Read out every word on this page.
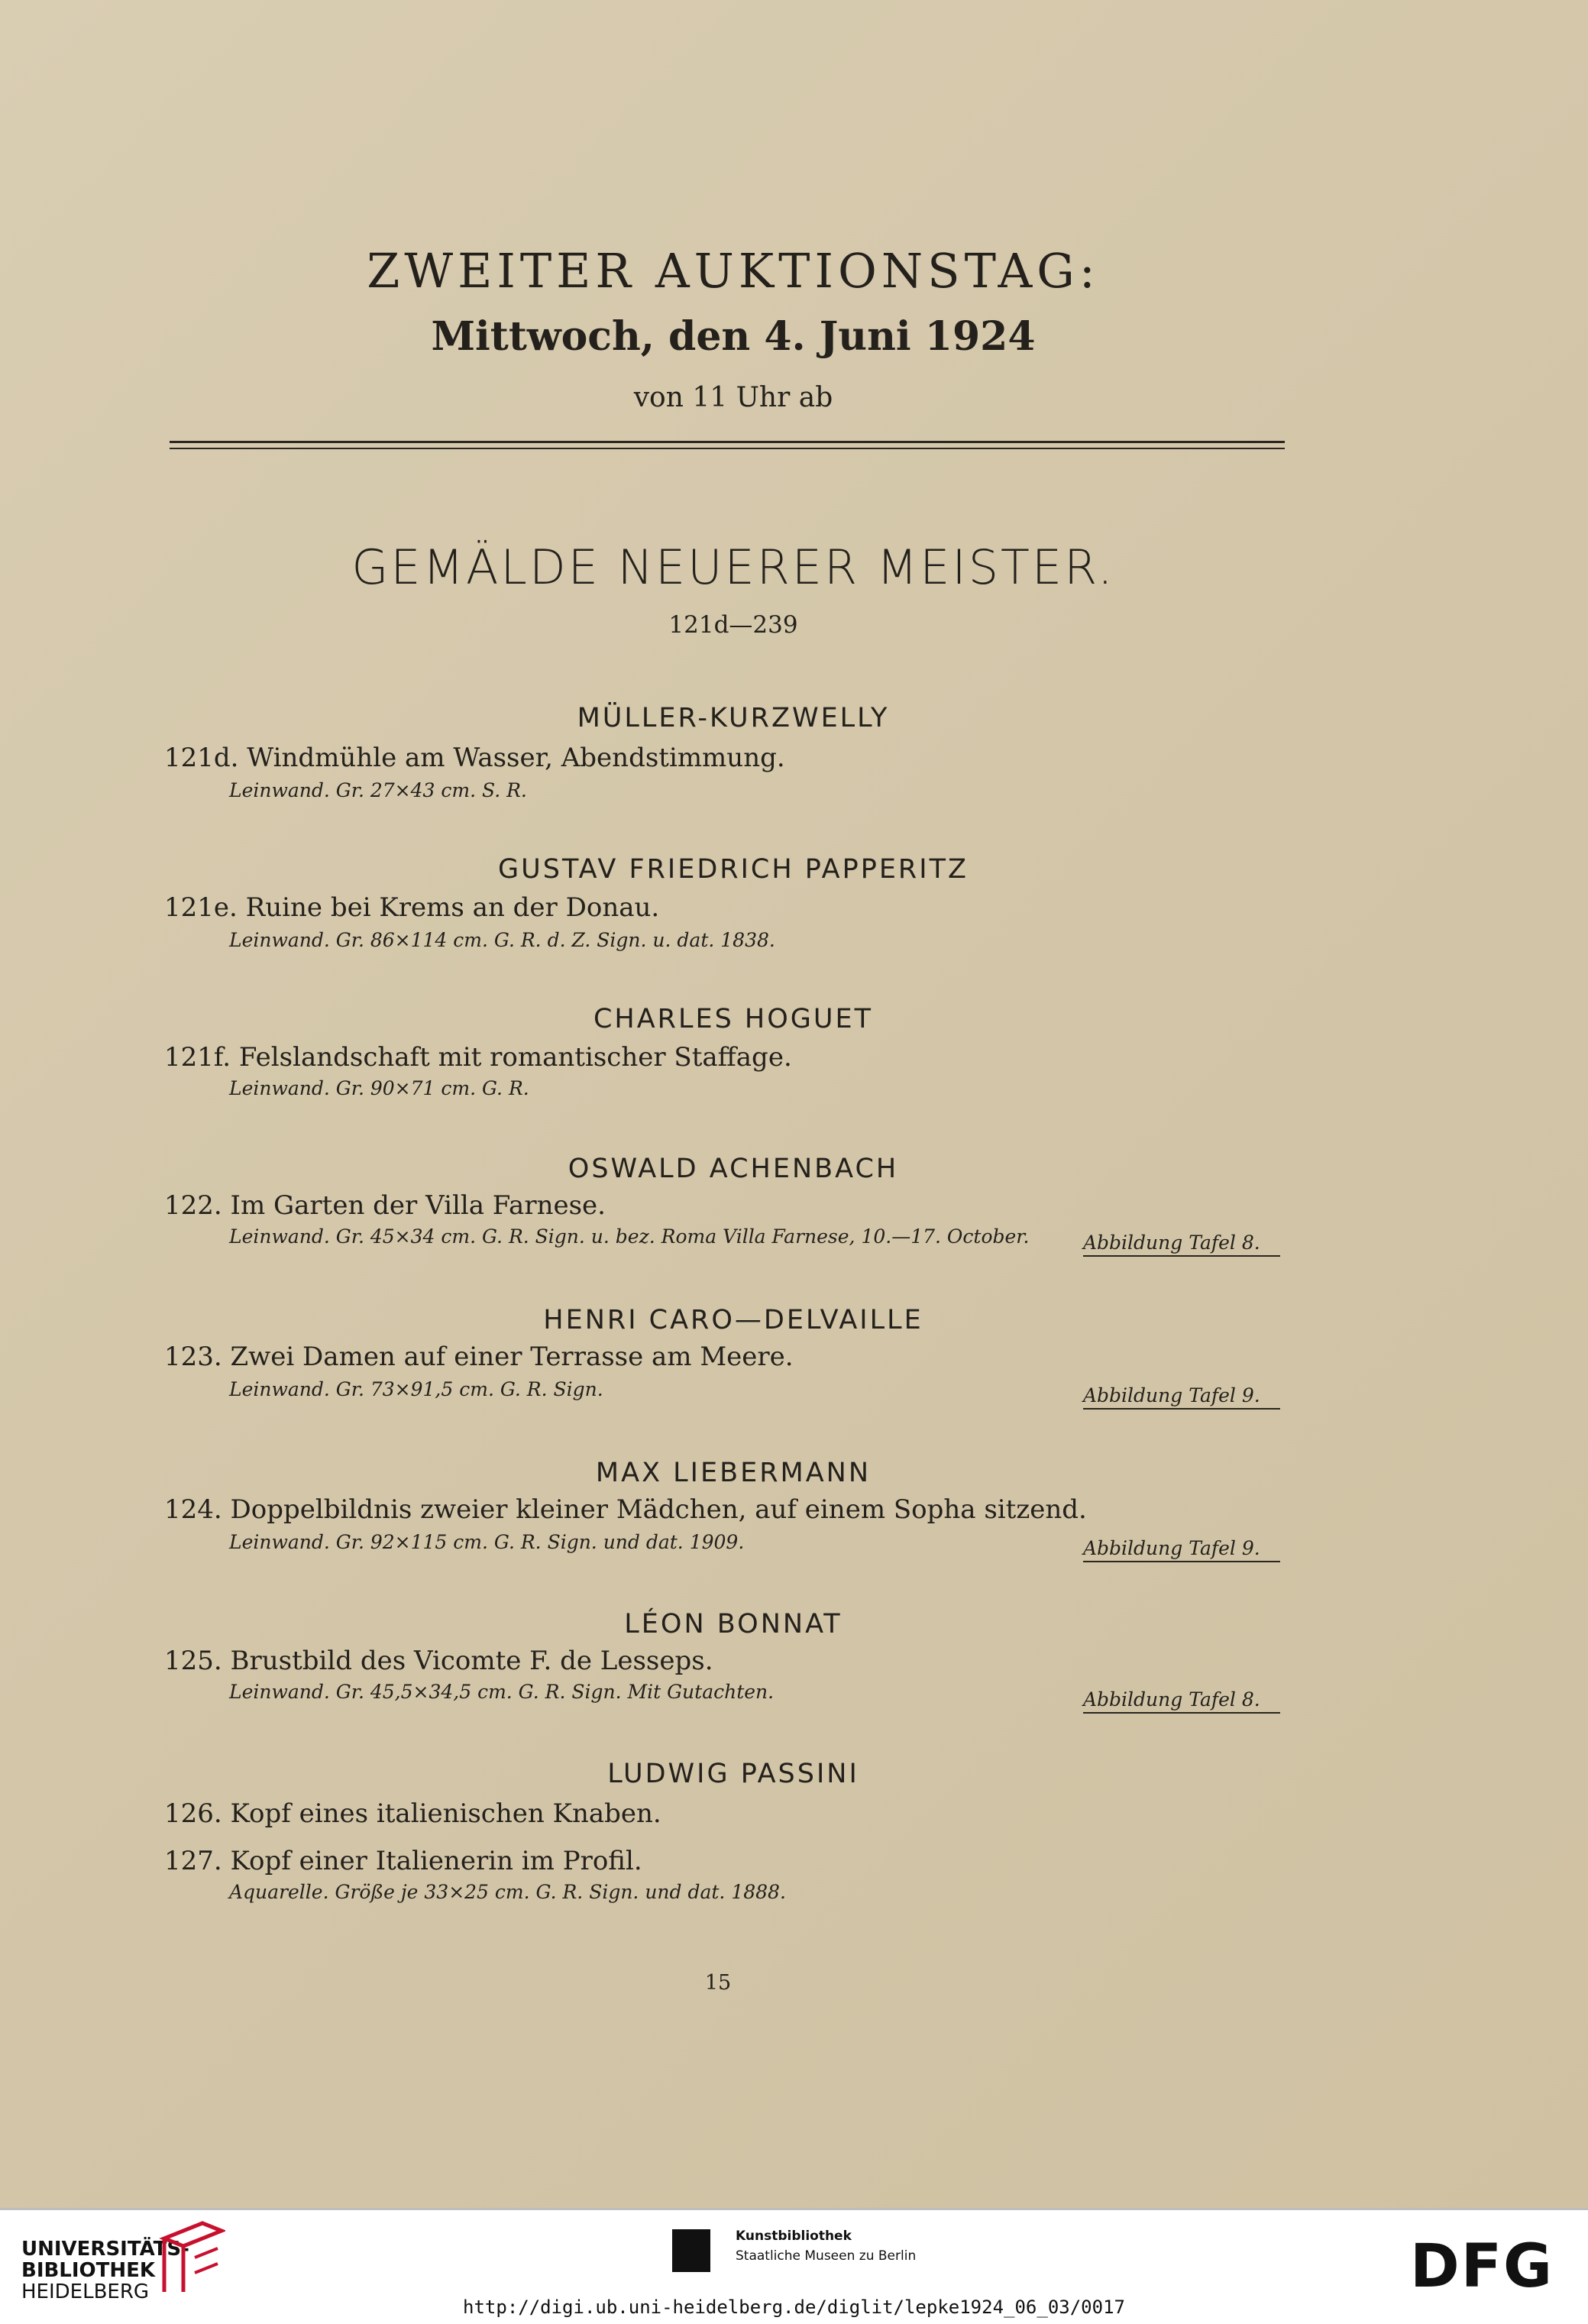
ZWEITER AUKTIONSTAG:
Mittwoch, den 4. Juni 1924
von 11 Uhr ab
GEMÄLDE NEUERER MEISTER.
121d—239
MÜLLER-KURZWELLY
121d. Windmühle am Wasser, Abendstimmung.
Leinwand. Gr. 27×43 cm. S. R.
GUSTAV FRIEDRICH PAPPERITZ
121e. Ruine bei Krems an der Donau.
Leinwand. Gr. 86×114 cm. G. R. d. Z. Sign. u. dat. 1838.
CHARLES HOGUET
121f. Felslandschaft mit romantischer Staffage.
Leinwand. Gr. 90×71 cm. G. R.
OSWALD ACHENBACH
122. Im Garten der Villa Farnese.
Leinwand. Gr. 45×34 cm. G. R. Sign. u. bez. Roma Villa Farnese, 10.—17. October.	Abbildung Tafel 8.
HENRI CARO—DELVAILLE
123. Zwei Damen auf einer Terrasse am Meere.
Leinwand. Gr. 73×91,5 cm. G. R. Sign.	Abbildung Tafel 9.
MAX LIEBERMANN
124. Doppelbildnis zweier kleiner Mädchen, auf einem Sopha sitzend.
Leinwand. Gr. 92×115 cm. G. R. Sign. und dat. 1909.	Abbildung Tafel 9.
LÉON BONNAT
125. Brustbild des Vicomte F. de Lesseps.
Leinwand. Gr. 45,5×34,5 cm. G. R. Sign. Mit Gutachten.	Abbildung Tafel 8.
LUDWIG PASSINI
126. Kopf eines italienischen Knaben.
127. Kopf einer Italienerin im Profil.
Aquarelle. Größe je 33×25 cm. G. R. Sign. und dat. 1888.
15
UNIVERSITÄTS-
BIBLIOTHEK
HEIDELBERG
Kunstbibliothek
Staatliche Museen zu Berlin	DFG
http://digi.ub.uni-heidelberg.de/diglit/lepke1924_06_03/0017
